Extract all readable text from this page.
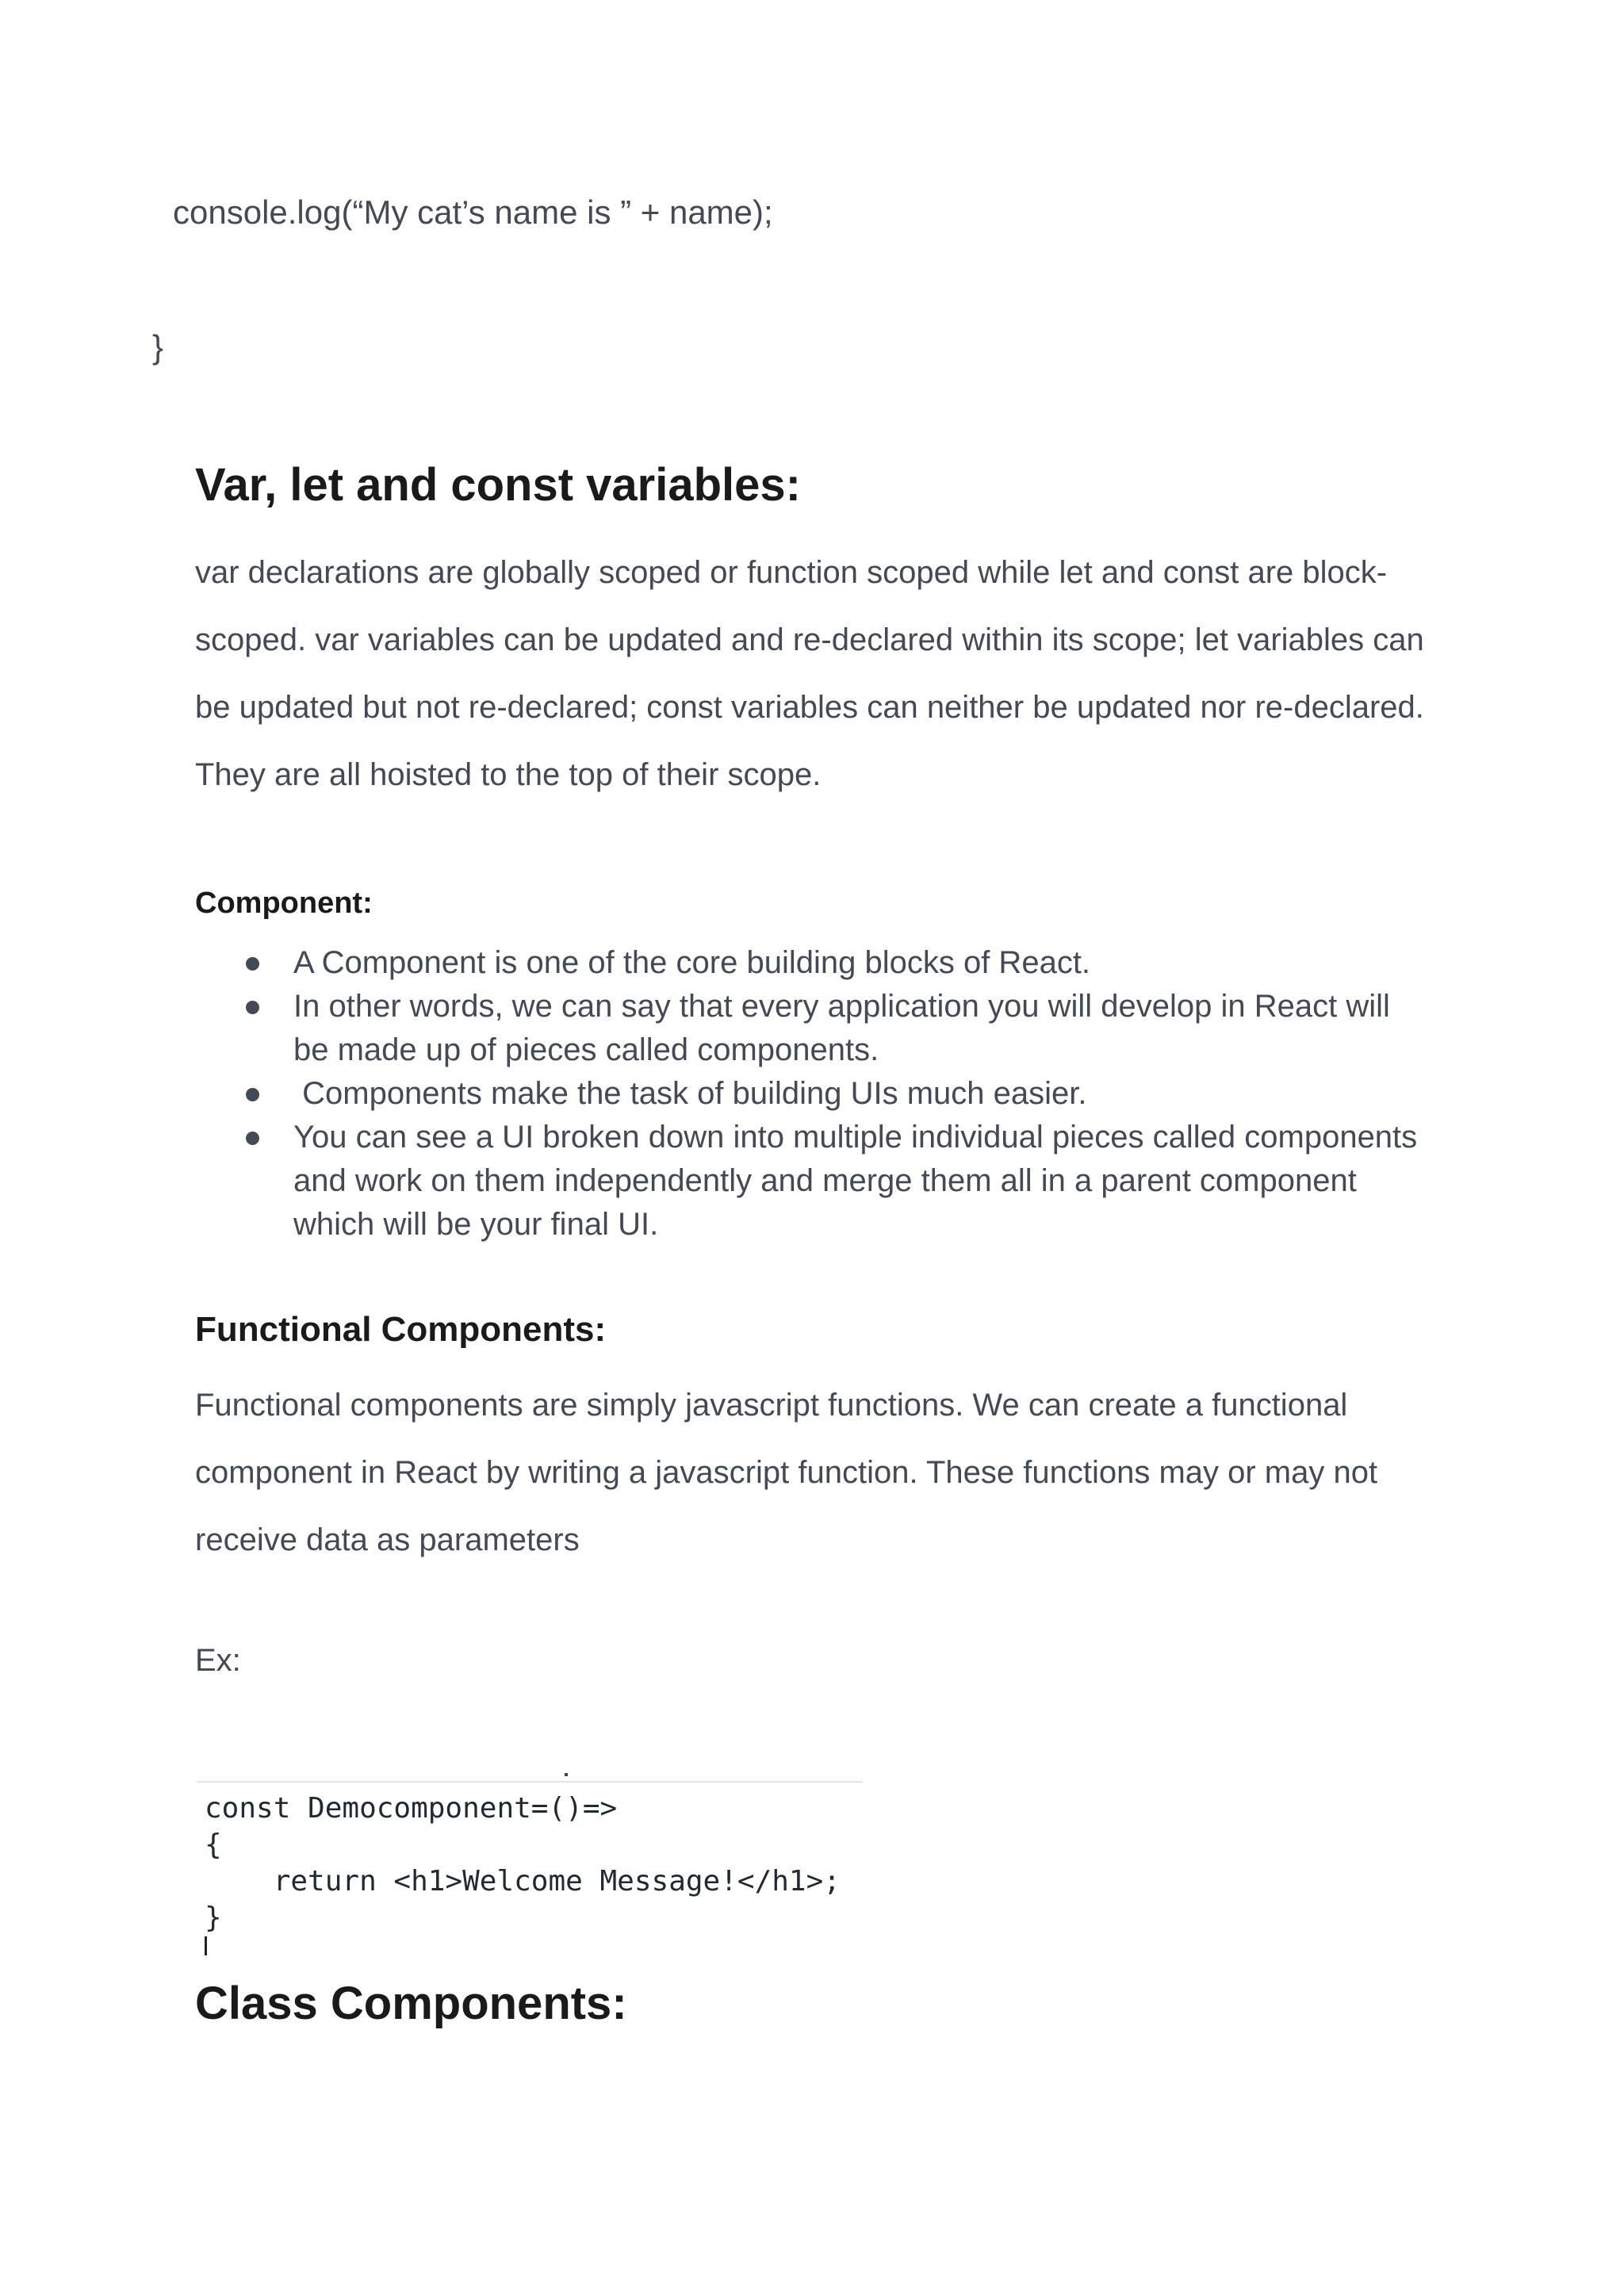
console.log(“My cat’s name is ” + name);
}
Var, let and const variables:

var declarations are globally scoped or function scoped while let and const are block-scoped. var variables can be updated and re-declared within its scope; let variables can be updated but not re-declared; const variables can neither be updated nor re-declared. They are all hoisted to the top of their scope.

Component:
A Component is one of the core building blocks of React.
In other words, we can say that every application you will develop in React will be made up of pieces called components.
Components make the task of building UIs much easier.
You can see a UI broken down into multiple individual pieces called components and work on them independently and merge them all in a parent component which will be your final UI.
Functional Components:

Functional components are simply javascript functions. We can create a functional component in React by writing a javascript function. These functions may or may not receive data as parameters

Ex:
const Democomponent=()=>
{
return <h1>Welcome Message!</h1>;
}
Class Components:
